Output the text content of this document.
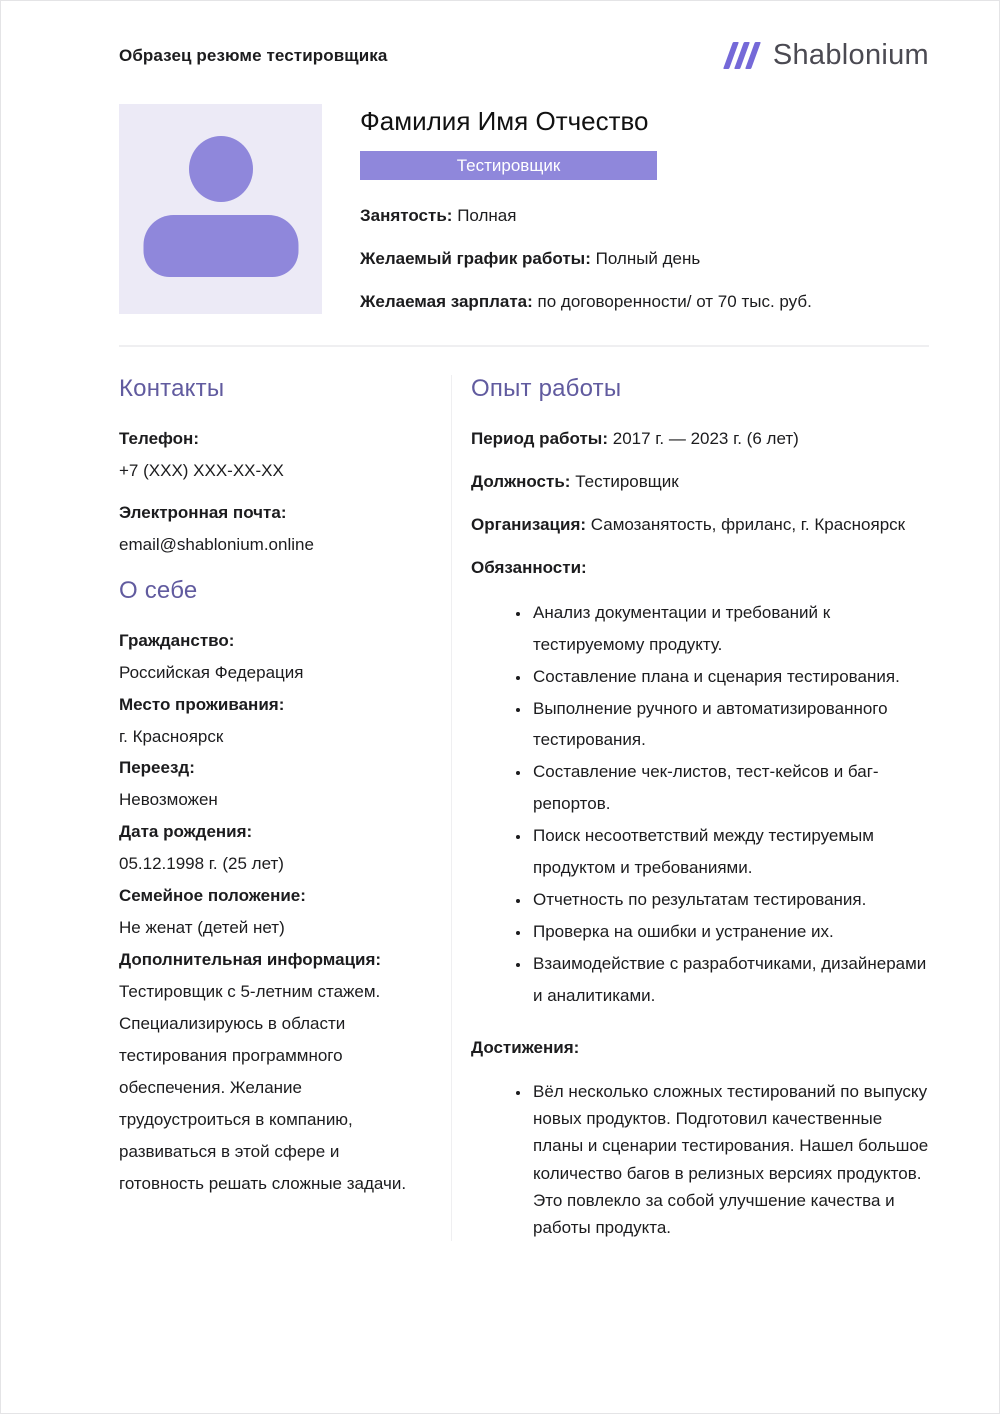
Образец резюме тестировщика	Shablonium
Фамилия Имя Отчество
Тестировщик

Занятость: Полная

Желаемый график работы: Полный день

Желаемая зарплата: по договоренности/ от 70 тыс. руб.

Контакты
Телефон:
+7 (XXX) XXX-XX-XX
Электронная почта:
email@shablonium.online
О себе
Гражданство:
Российская Федерация
Место проживания:
г. Красноярск
Переезд:
Невозможен
Дата рождения:
05.12.1998 г. (25 лет)
Семейное положение:
Не женат (детей нет)
Дополнительная информация:
Тестировщик с 5-летним стажем. Специализируюсь в области тестирования программного обеспечения. Желание трудоустроиться в компанию, развиваться в этой сфере и готовность решать сложные задачи.
Опыт работы

Период работы: 2017 г. — 2023 г. (6 лет)

Должность: Тестировщик

Организация: Самозанятость, фриланс, г. Красноярск

Обязанности:

• Анализ документации и требований к тестируемому продукту.
• Составление плана и сценария тестирования.
• Выполнение ручного и автоматизированного тестирования.
• Составление чек-листов, тест-кейсов и баг-репортов.
• Поиск несоответствий между тестируемым продуктом и требованиями.
• Отчетность по результатам тестирования.
• Проверка на ошибки и устранение их.
• Взаимодействие с разработчиками, дизайнерами и аналитиками.

Достижения:

• Вёл несколько сложных тестирований по выпуску новых продуктов. Подготовил качественные планы и сценарии тестирования. Нашел большое количество багов в релизных версиях продуктов. Это повлекло за собой улучшение качества и работы продукта.
